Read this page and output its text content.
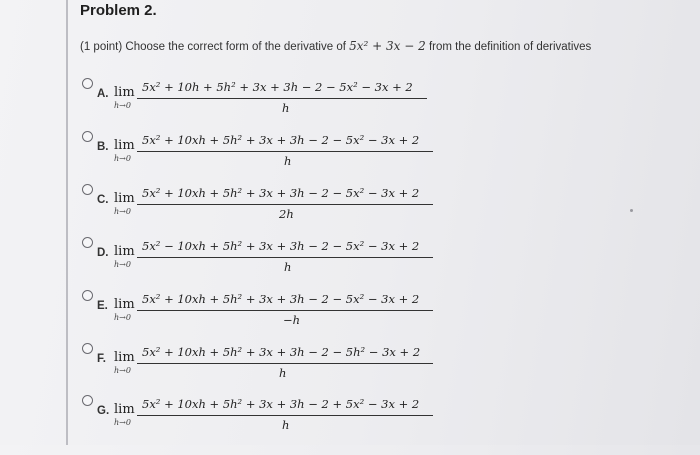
Problem 2.
(1 point) Choose the correct form of the derivative of 5x² + 3x − 2 from the definition of derivatives
A. lim
h→0
5x² + 10h + 5h² + 3x + 3h − 2 − 5x² − 3x + 2
h
B. lim
h→0
5x² + 10xh + 5h² + 3x + 3h − 2 − 5x² − 3x + 2
h
C. lim
h→0
5x² + 10xh + 5h² + 3x + 3h − 2 − 5x² − 3x + 2
2h
D. lim
h→0
5x² − 10xh + 5h² + 3x + 3h − 2 − 5x² − 3x + 2
h
E. lim
h→0
5x² + 10xh + 5h² + 3x + 3h − 2 − 5x² − 3x + 2
−h
F. lim
h→0
5x² + 10xh + 5h² + 3x + 3h − 2 − 5h² − 3x + 2
h
G. lim
h→0
5x² + 10xh + 5h² + 3x + 3h − 2 + 5x² − 3x + 2
h
